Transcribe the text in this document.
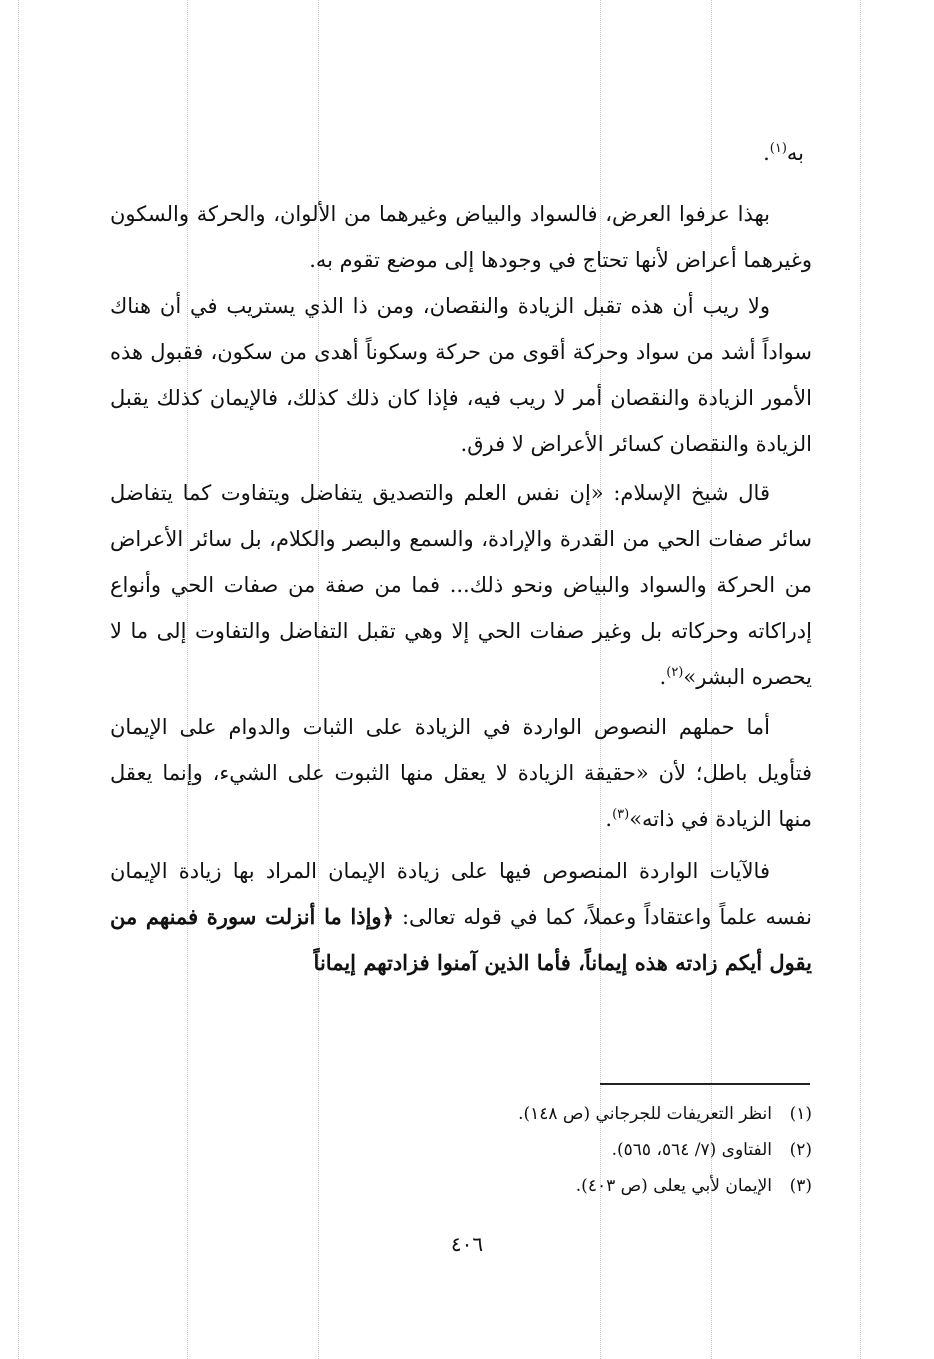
به$^{(١)}$.

بهذا عرفوا العرض، فالسواد والبياض وغيرهما من الألوان، والحركة والسكون وغيرهما أعراض لأنها تحتاج في وجودها إلى موضع تقوم به.

ولا ريب أن هذه تقبل الزيادة والنقصان، ومن ذا الذي يستريب في أن هناك سواداً أشد من سواد وحركة أقوى من حركة وسكوناً أهدى من سكون، فقبول هذه الأمور الزيادة والنقصان أمر لا ريب فيه، فإذا كان ذلك كذلك، فالإيمان كذلك يقبل الزيادة والنقصان كسائر الأعراض لا فرق.

قال شيخ الإسلام: «إن نفس العلم والتصديق يتفاضل ويتفاوت كما يتفاضل سائر صفات الحي من القدرة والإرادة، والسمع والبصر والكلام، بل سائر الأعراض من الحركة والسواد والبياض ونحو ذلك... فما من صفة من صفات الحي وأنواع إدراكاته وحركاته بل وغير صفات الحي إلا وهي تقبل التفاضل والتفاوت إلى ما لا يحصره البشر»$^{(٢)}$.

أما حملهم النصوص الواردة في الزيادة على الثبات والدوام على الإيمان فتأويل باطل؛ لأن «حقيقة الزيادة لا يعقل منها الثبوت على الشيء، وإنما يعقل منها الزيادة في ذاته»$^{(٣)}$.

فالآيات الواردة المنصوص فيها على زيادة الإيمان المراد بها زيادة الإيمان نفسه علماً واعتقاداً وعملاً، كما في قوله تعالى: ﴿وإذا ما أنزلت سورة فمنهم من يقول أيكم زادته هذه إيماناً، فأما الذين آمنوا فزادتهم إيماناً

(١)
انظر التعريفات للجرجاني (ص ١٤٨).
(٢)
الفتاوى (٧/ ٥٦٤، ٥٦٥).
(٣)
الإيمان لأبي يعلى (ص ٤٠٣).
٤٠٦
